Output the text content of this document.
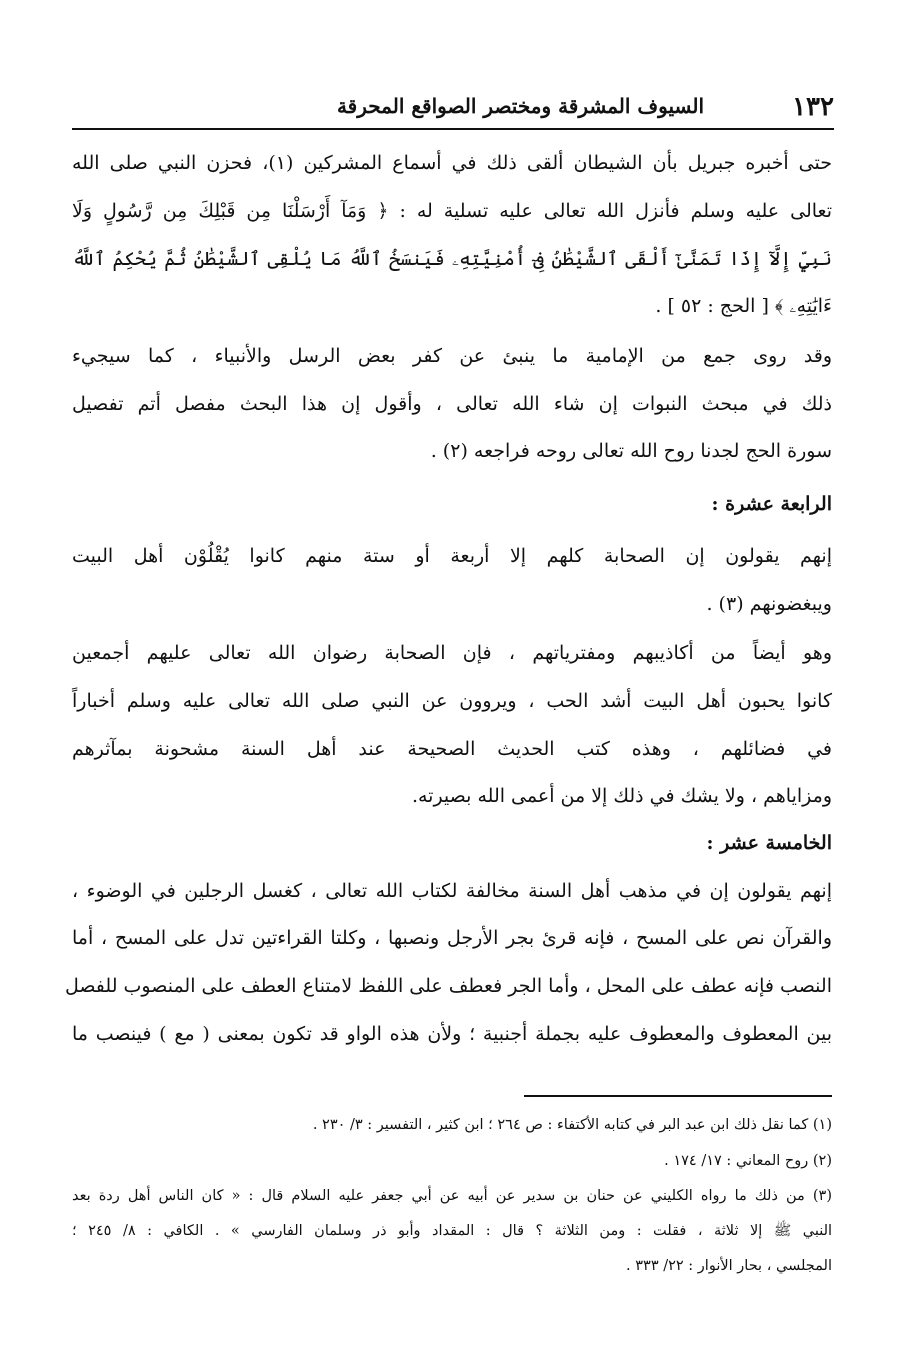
١٣٢
السيوف المشرقة ومختصر الصواقع المحرقة
حتى أخبره جبريل بأن الشيطان ألقى ذلك في أسماع المشركين (١)، فحزن النبي صلى الله
تعالى عليه وسلم فأنزل الله تعالى عليه تسلية له : ﴿ وَمَآ أَرْسَلْنَا مِن قَبْلِكَ مِن رَّسُولٍ وَلَا
نَبِيٍّ إِلَّآ إِذَا تَمَنَّىٰٓ أَلْقَى ٱلشَّيْطَٰنُ فِىٓ أُمْنِيَّتِهِۦ فَيَنسَخُ ٱللَّهُ مَا يُلْقِى ٱلشَّيْطَٰنُ ثُمَّ يُحْكِمُ ٱللَّهُ
ءَايَٰتِهِۦ ﴾ [ الحج : ٥٢ ] .
وقد روى جمع من الإمامية ما ينبئ عن كفر بعض الرسل والأنبياء ، كما سيجيء
ذلك في مبحث النبوات إن شاء الله تعالى ، وأقول إن هذا البحث مفصل أتم تفصيل
سورة الحج لجدنا روح الله تعالى روحه فراجعه (٢) .
الرابعة عشرة :
إنهم يقولون إن الصحابة كلهم إلا أربعة أو ستة منهم كانوا يُقْلُوْن أهل البيت
ويبغضونهم (٣) .
وهو أيضاً من أكاذيبهم ومفترياتهم ، فإن الصحابة رضوان الله تعالى عليهم أجمعين
كانوا يحبون أهل البيت أشد الحب ، ويروون عن النبي صلى الله تعالى عليه وسلم أخباراً
في فضائلهم ، وهذه كتب الحديث الصحيحة عند أهل السنة مشحونة بمآثرهم
ومزاياهم ، ولا يشك في ذلك إلا من أعمى الله بصيرته.
الخامسة عشر :
إنهم يقولون إن في مذهب أهل السنة مخالفة لكتاب الله تعالى ، كغسل الرجلين في الوضوء ،
والقرآن نص على المسح ، فإنه قرئ بجر الأرجل ونصبها ، وكلتا القراءتين تدل على المسح ، أما
النصب فإنه عطف على المحل ، وأما الجر فعطف على اللفظ لامتناع العطف على المنصوب للفصل
بين المعطوف والمعطوف عليه بجملة أجنبية ؛ ولأن هذه الواو قد تكون بمعنى ( مع ) فينصب ما
(١) كما نقل ذلك ابن عبد البر في كتابه الأكتفاء : ص ٢٦٤ ؛ ابن كثير ، التفسير : ٣/ ٢٣٠ .
(٢) روح المعاني : ١٧/ ١٧٤ .
(٣) من ذلك ما رواه الكليني عن حنان بن سدير عن أبيه عن أبي جعفر عليه السلام قال : « كان الناس أهل ردة بعد
النبي ﷺ إلا ثلاثة ، فقلت : ومن الثلاثة ؟ قال : المقداد وأبو ذر وسلمان الفارسي » . الكافي : ٨/ ٢٤٥ ؛
المجلسي ، بحار الأنوار : ٢٢/ ٣٣٣ .
